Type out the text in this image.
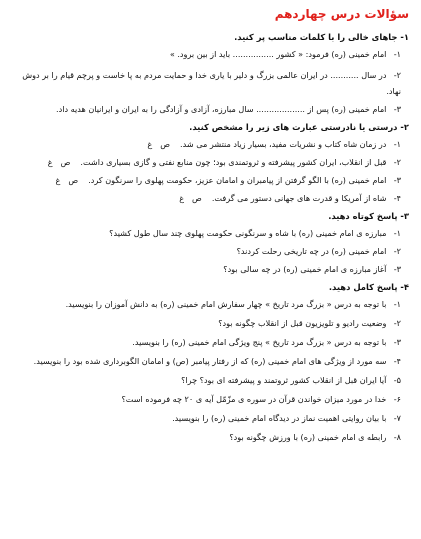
سؤالات درس چهاردهم
۱- جاهای خالی را با کلمات مناسب پر کنید.
۱- امام خمینی (ره) فرمود: « کشور ................ باید از بین برود. »
۲- در سال ........... در ایران عالمی بزرگ و دلیر با یاری خدا و حمایت مردم به پا خاست و پرچم قیام را بر دوش نهاد.
۳- امام خمینی (ره) پس از ................... سال مبارزه، آزادی و آزادگی را به ایران و ایرانیان هدیه داد.
۲- درستی یا نادرستی عبارت های زیر را مشخص کنید.
۱- در زمان شاه کتاب و نشریات مفید، بسیار زیاد منتشر می شد.صغ
۲- قبل از انقلاب، ایران کشور پیشرفته و ثروتمندی بود؛ چون منابع نفتی و گازی بسیاری داشت.صغ
۳- امام خمینی (ره) با الگو گرفتن از پیامبران و امامان عزیز، حکومت پهلوی را سرنگون کرد.صغ
۴- شاه از آمریکا و قدرت های جهانی دستور می گرفت.صغ
۳- پاسخ کوتاه دهید.
۱- مبارزه ی امام خمینی (ره) با شاه و سرنگونی حکومت پهلوی چند سال طول کشید؟
۲- امام خمینی (ره) در چه تاریخی رحلت کردند؟
۳- آغاز مبارزه ی امام خمینی (ره) در چه سالی بود؟
۴- پاسخ کامل دهید.
۱- با توجه به درس « بزرگ مرد تاریخ » چهار سفارش امام خمینی (ره) به دانش آموزان را بنویسید.
۲- وضعیت رادیو و تلویزیون قبل از انقلاب چگونه بود؟
۳- با توجه به درس « بزرگ مرد تاریخ » پنج ویژگی امام خمینی (ره) را بنویسید.
۴- سه مورد از ویژگی های امام خمینی (ره) که از رفتار پیامبر (ص) و امامان الگوبرداری شده بود را بنویسید.
۵- آیا ایران قبل از انقلاب کشور ثروتمند و پیشرفته ای بود؟ چرا؟
۶- خدا در مورد میزان خواندن قرآن در سوره ی مزّمّل آیه ی ۲۰ چه فرموده است؟
۷- با بیان روایتی اهمیت نماز در دیدگاه امام خمینی (ره) را بنویسید.
۸- رابطه ی امام خمینی (ره) با ورزش چگونه بود؟
